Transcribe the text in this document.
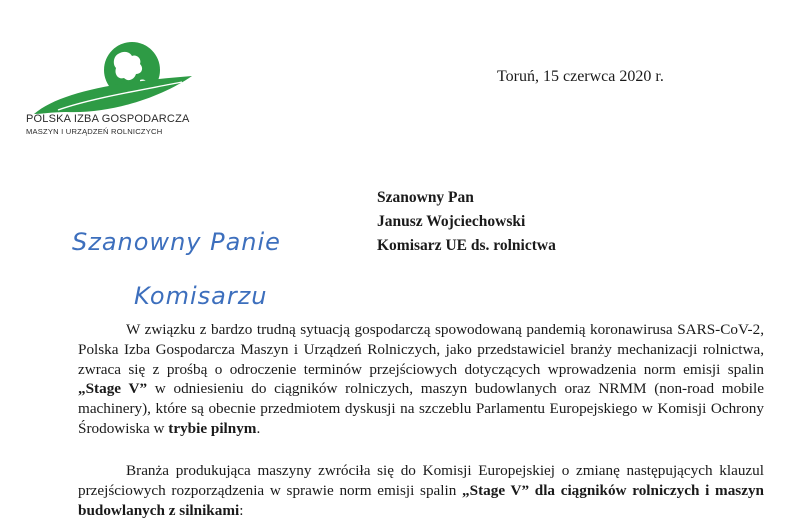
POLSKA IZBA GOSPODARCZA
MASZYN I URZĄDZEŃ ROLNICZYCH
Toruń, 15 czerwca 2020 r.
Szanowny Pan
Janusz Wojciechowski
Komisarz UE ds. rolnictwa
Szanowny Panie
Komisarzu
W związku z bardzo trudną sytuacją gospodarczą spowodowaną pandemią koronawirusa SARS-CoV-2, Polska Izba Gospodarcza Maszyn i Urządzeń Rolniczych, jako przedstawiciel branży mechanizacji rolnictwa, zwraca się z prośbą o odroczenie terminów przejściowych dotyczących wprowadzenia norm emisji spalin „Stage V” w odniesieniu do ciągników rolniczych, maszyn budowlanych oraz NRMM (non-road mobile machinery), które są obecnie przedmiotem dyskusji na szczeblu Parlamentu Europejskiego w Komisji Ochrony Środowiska w trybie pilnym.
Branża produkująca maszyny zwróciła się do Komisji Europejskiej o zmianę następujących klauzul przejściowych rozporządzenia w sprawie norm emisji spalin „Stage V” dla ciągników rolniczych i maszyn budowlanych z silnikami:
